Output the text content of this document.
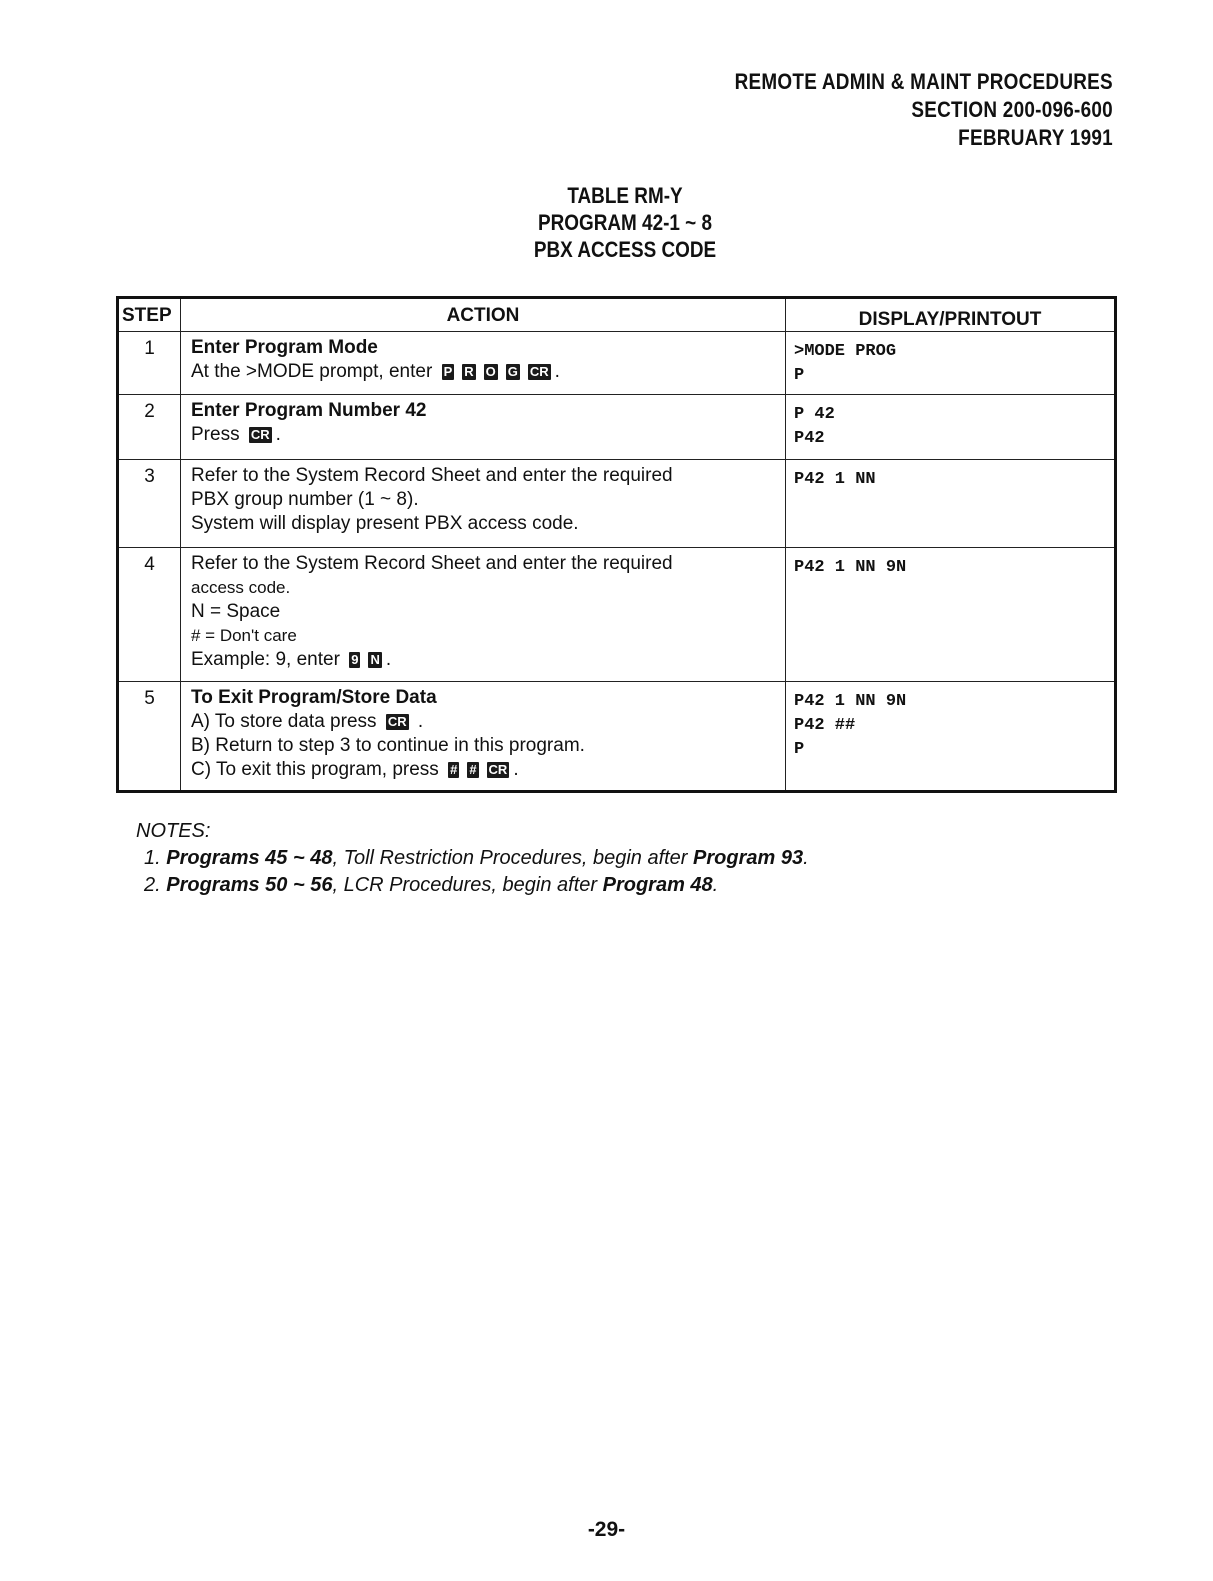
REMOTE ADMIN & MAINT PROCEDURES
SECTION 200-096-600
FEBRUARY 1991
TABLE RM-Y
PROGRAM 42-1 ~ 8
PBX ACCESS CODE
STEP	ACTION	DISPLAY/PRINTOUT
1	Enter Program Mode
At the >MODE prompt, enter P R O G CR .	>MODE PROG
P

2	Enter Program Number 42
Press CR .	P 42
P42

3	Refer to the System Record Sheet and enter the required
PBX group number (1 ~ 8).
System will display present PBX access code.	P42 1 NN

4	Refer to the System Record Sheet and enter the required
access code.
N = Space
# = Don't care
Example: 9, enter 9 N .	P42 1 NN 9N

5	To Exit Program/Store Data
A) To store data press CR .
B) Return to step 3 to continue in this program.
C) To exit this program, press # # CR .	P42 1 NN 9N
P42 ##
P
NOTES:
1. Programs 45 ~ 48, Toll Restriction Procedures, begin after Program 93.
2. Programs 50 ~ 56, LCR Procedures, begin after Program 48.
-29-
